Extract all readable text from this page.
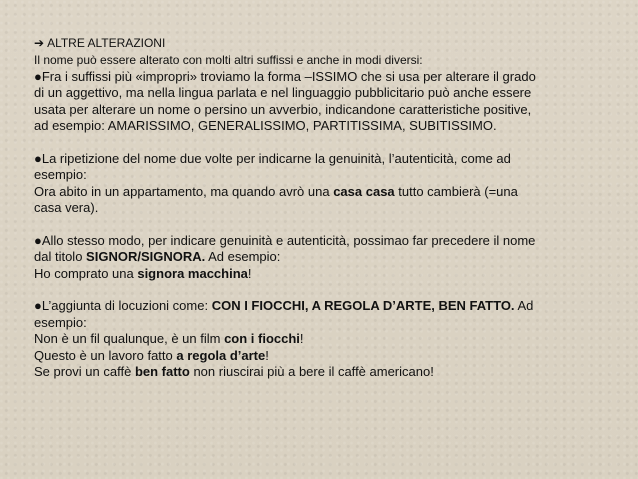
➔ ALTRE ALTERAZIONI
Il nome può essere alterato con molti altri suffissi e anche in modi diversi:
●Fra i suffissi più «impropri» troviamo la forma –ISSIMO che si usa per alterare il grado
di un aggettivo, ma nella lingua parlata e nel linguaggio pubblicitario può anche essere
usata per alterare un nome o persino un avverbio, indicandone caratteristiche positive,
ad esempio: AMARISSIMO, GENERALISSIMO, PARTITISSIMA, SUBITISSIMO.
●La ripetizione del nome due volte per indicarne la genuinità, l’autenticità, come ad
esempio:
Ora abito in un appartamento, ma quando avrò una casa casa tutto cambierà (=una
casa vera).
●Allo stesso modo, per indicare genuinità e autenticità, possimao far precedere il nome
dal titolo SIGNOR/SIGNORA. Ad esempio:
Ho comprato una signora macchina!
●L’aggiunta di locuzioni come: CON I FIOCCHI, A REGOLA D’ARTE, BEN FATTO. Ad
esempio:
Non è un fil qualunque, è un film con i fiocchi!
Questo è un lavoro fatto a regola d’arte!
Se provi un caffè ben fatto non riuscirai più a bere il caffè americano!
